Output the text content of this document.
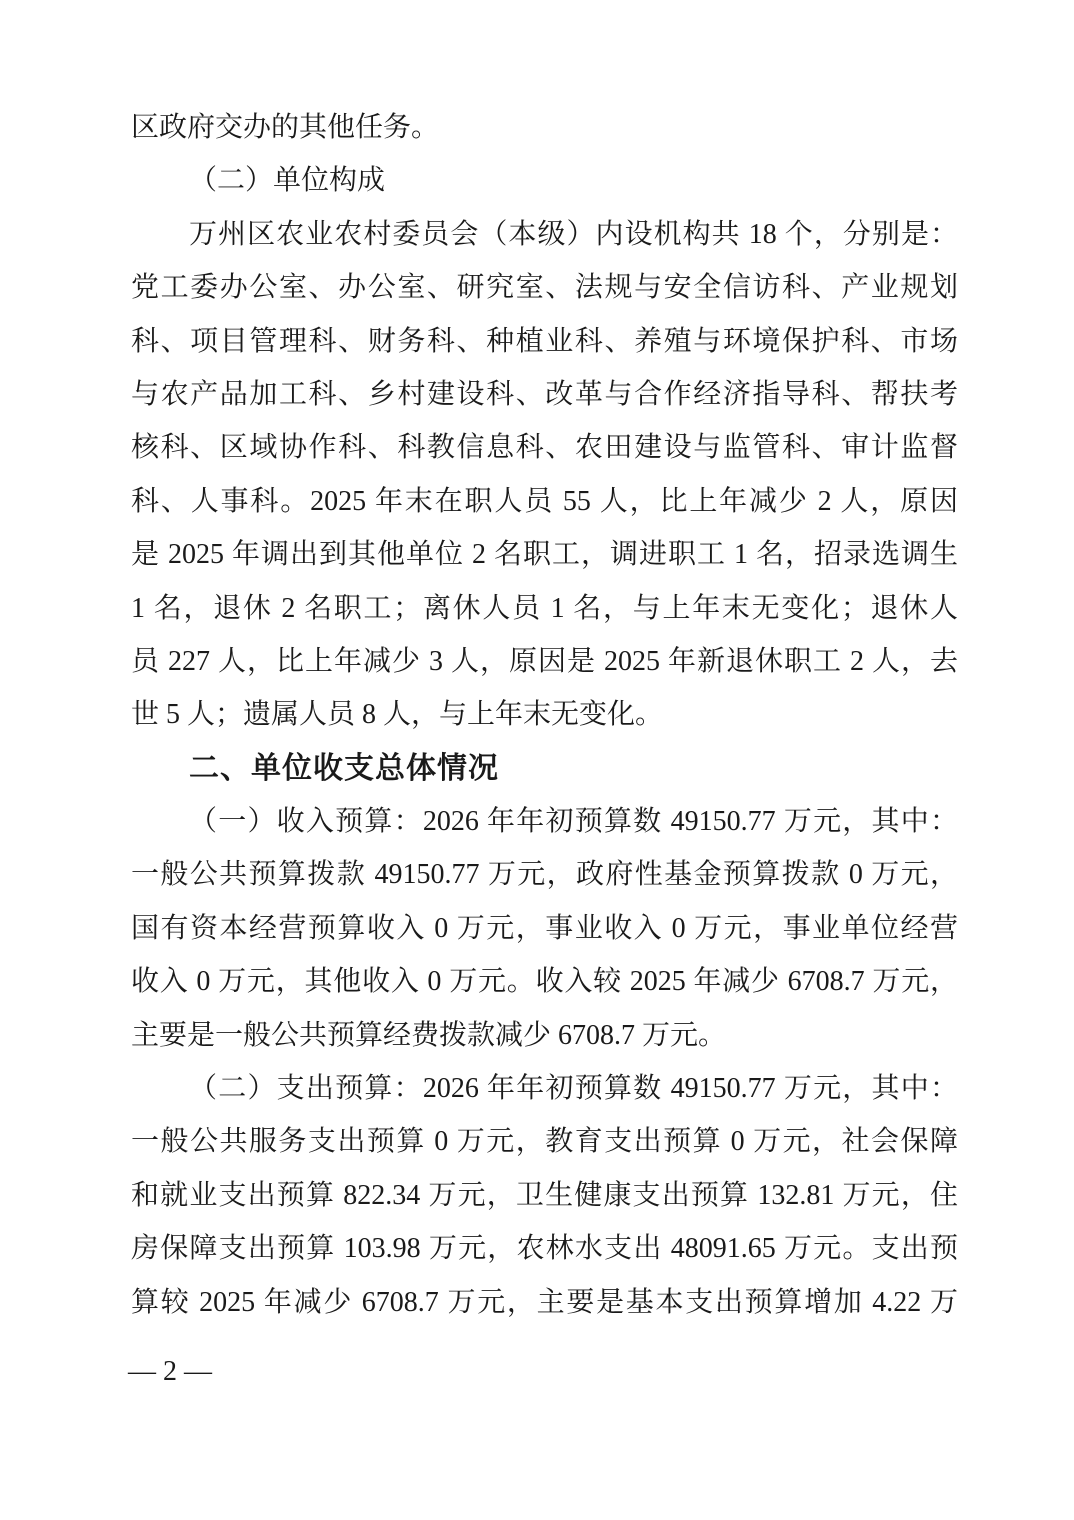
区政府交办的其他任务。
（二）单位构成
万州区农业农村委员会（本级）内设机构共 18 个，分别是：
党工委办公室、办公室、研究室、法规与安全信访科、产业规划
科、项目管理科、财务科、种植业科、养殖与环境保护科、市场
与农产品加工科、乡村建设科、改革与合作经济指导科、帮扶考
核科、区域协作科、科教信息科、农田建设与监管科、审计监督
科、人事科。2025 年末在职人员 55 人，比上年减少 2 人，原因
是 2025 年调出到其他单位 2 名职工，调进职工 1 名，招录选调生
1 名，退休 2 名职工；离休人员 1 名，与上年末无变化；退休人
员 227 人，比上年减少 3 人，原因是 2025 年新退休职工 2 人，去
世 5 人；遗属人员 8 人，与上年末无变化。
二、单位收支总体情况
（一）收入预算：2026 年年初预算数 49150.77 万元，其中：
一般公共预算拨款 49150.77 万元，政府性基金预算拨款 0 万元，
国有资本经营预算收入 0 万元，事业收入 0 万元，事业单位经营
收入 0 万元，其他收入 0 万元。收入较 2025 年减少 6708.7 万元，
主要是一般公共预算经费拨款减少 6708.7 万元。
（二）支出预算：2026 年年初预算数 49150.77 万元，其中：
一般公共服务支出预算 0 万元，教育支出预算 0 万元，社会保障
和就业支出预算 822.34 万元，卫生健康支出预算 132.81 万元，住
房保障支出预算 103.98 万元，农林水支出 48091.65 万元。支出预
算较 2025 年减少 6708.7 万元，主要是基本支出预算增加 4.22 万
— 2 —
